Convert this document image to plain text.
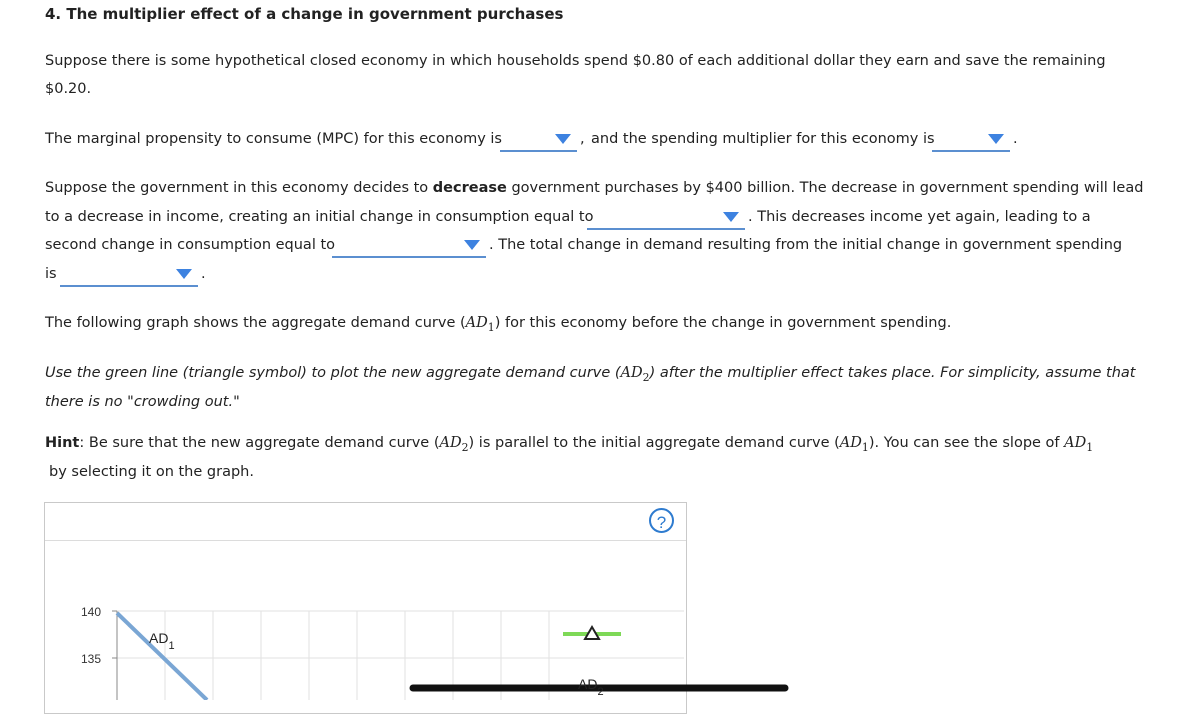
4. The multiplier effect of a change in government purchases
Suppose there is some hypothetical closed economy in which households spend $0.80 of each additional dollar they earn and save the remaining
$0.20.
The marginal propensity to consume (MPC) for this economy is	, and the spending multiplier for this economy is	.
Suppose the government in this economy decides to decrease government purchases by $400 billion. The decrease in government spending will lead
to a decrease in income, creating an initial change in consumption equal to	. This decreases income yet again, leading to a
second change in consumption equal to	. The total change in demand resulting from the initial change in government spending
is	.
The following graph shows the aggregate demand curve $(AD_1)$ for this economy before the change in government spending.
Use the green line (triangle symbol) to plot the new aggregate demand curve $(AD_2)$ after the multiplier effect takes place. For simplicity, assume that
there is no "crowding out."
Hint: Be sure that the new aggregate demand curve $(AD_2)$ is parallel to the initial aggregate demand curve $(AD_1)$. You can see the slope of $AD_1$
by selecting it on the graph.
?
140
135
$AD_1$
$AD_2$
